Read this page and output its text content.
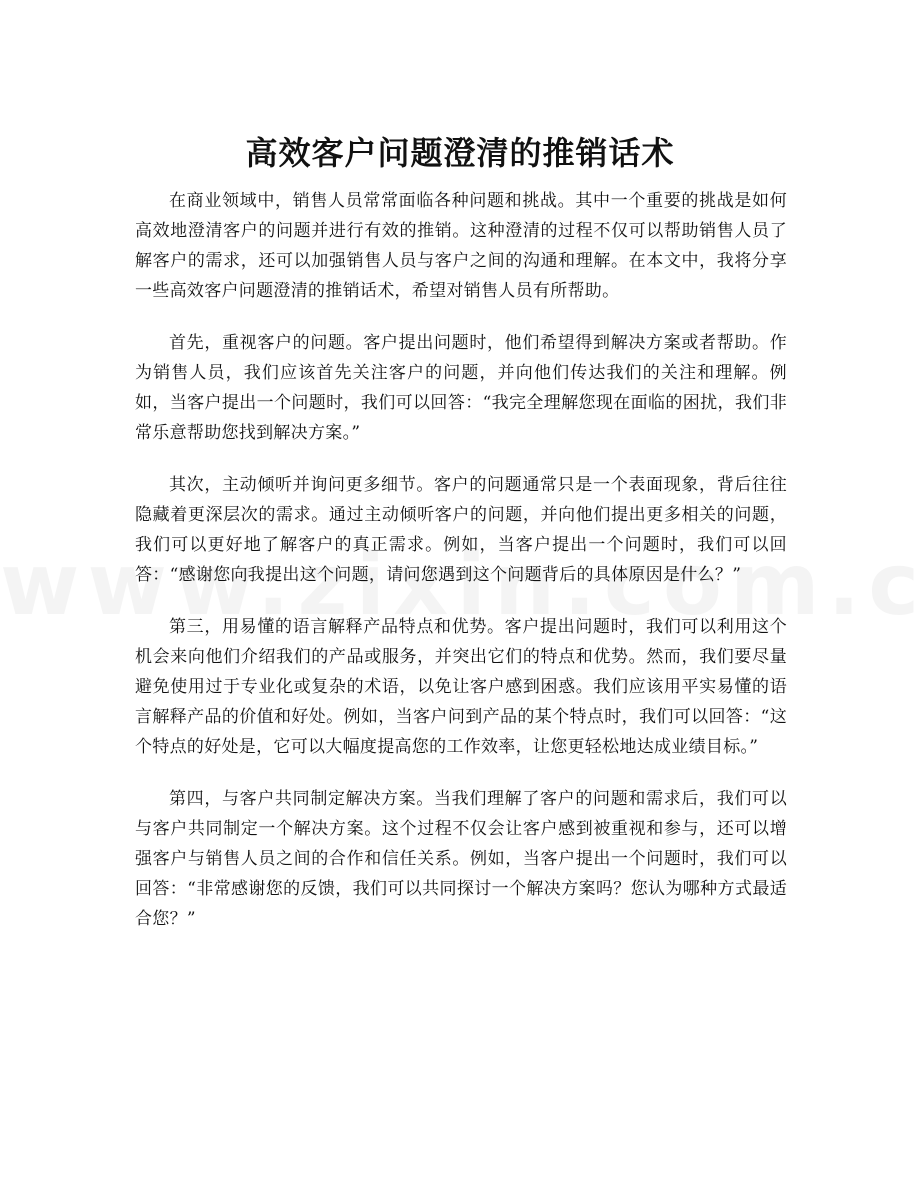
高效客户问题澄清的推销话术

在商业领域中，销售人员常常面临各种问题和挑战。其中一个重要的挑战是如何高效地澄清客户的问题并进行有效的推销。这种澄清的过程不仅可以帮助销售人员了解客户的需求，还可以加强销售人员与客户之间的沟通和理解。在本文中，我将分享一些高效客户问题澄清的推销话术，希望对销售人员有所帮助。

首先，重视客户的问题。客户提出问题时，他们希望得到解决方案或者帮助。作为销售人员，我们应该首先关注客户的问题，并向他们传达我们的关注和理解。例如，当客户提出一个问题时，我们可以回答：“我完全理解您现在面临的困扰，我们非常乐意帮助您找到解决方案。”

其次，主动倾听并询问更多细节。客户的问题通常只是一个表面现象，背后往往隐藏着更深层次的需求。通过主动倾听客户的问题，并向他们提出更多相关的问题，我们可以更好地了解客户的真正需求。例如，当客户提出一个问题时，我们可以回答：“感谢您向我提出这个问题，请问您遇到这个问题背后的具体原因是什么？”

第三，用易懂的语言解释产品特点和优势。客户提出问题时，我们可以利用这个机会来向他们介绍我们的产品或服务，并突出它们的特点和优势。然而，我们要尽量避免使用过于专业化或复杂的术语，以免让客户感到困惑。我们应该用平实易懂的语言解释产品的价值和好处。例如，当客户问到产品的某个特点时，我们可以回答：“这个特点的好处是，它可以大幅度提高您的工作效率，让您更轻松地达成业绩目标。”

第四，与客户共同制定解决方案。当我们理解了客户的问题和需求后，我们可以与客户共同制定一个解决方案。这个过程不仅会让客户感到被重视和参与，还可以增强客户与销售人员之间的合作和信任关系。例如，当客户提出一个问题时，我们可以回答：“非常感谢您的反馈，我们可以共同探讨一个解决方案吗？您认为哪种方式最适合您？”
